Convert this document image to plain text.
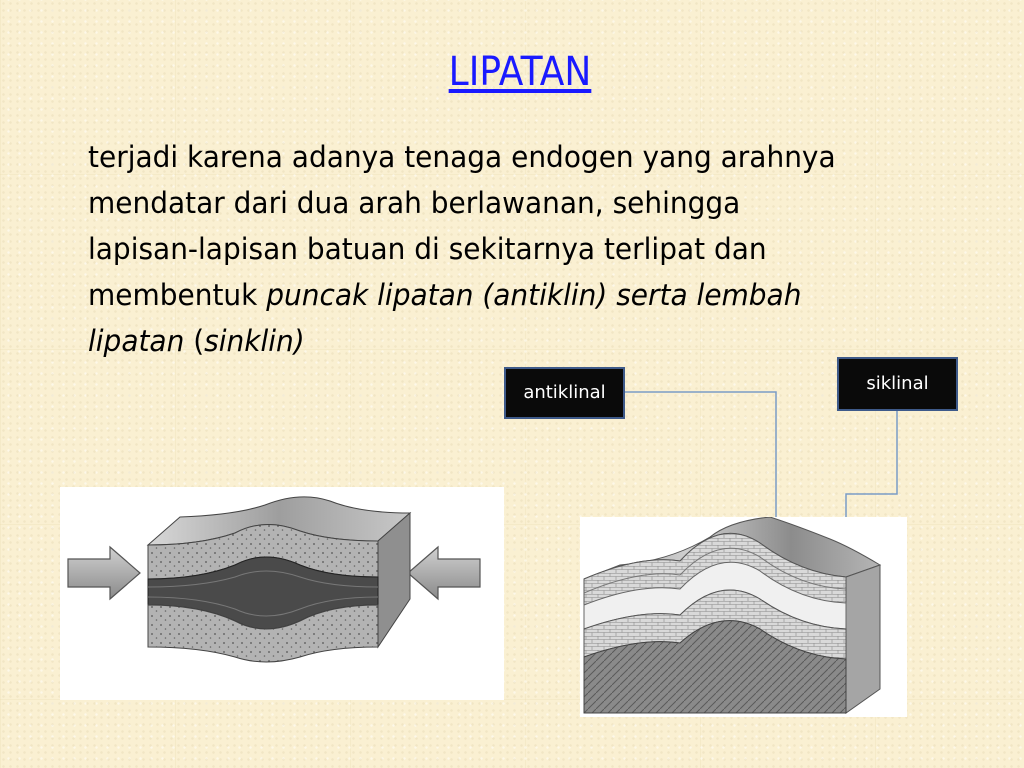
LIPATAN
terjadi karena adanya tenaga endogen yang arahnya
mendatar dari dua arah berlawanan, sehingga
lapisan-lapisan batuan di sekitarnya terlipat dan
membentuk puncak lipatan (antiklin) serta lembah
lipatan (sinklin)
antiklinal	siklinal
